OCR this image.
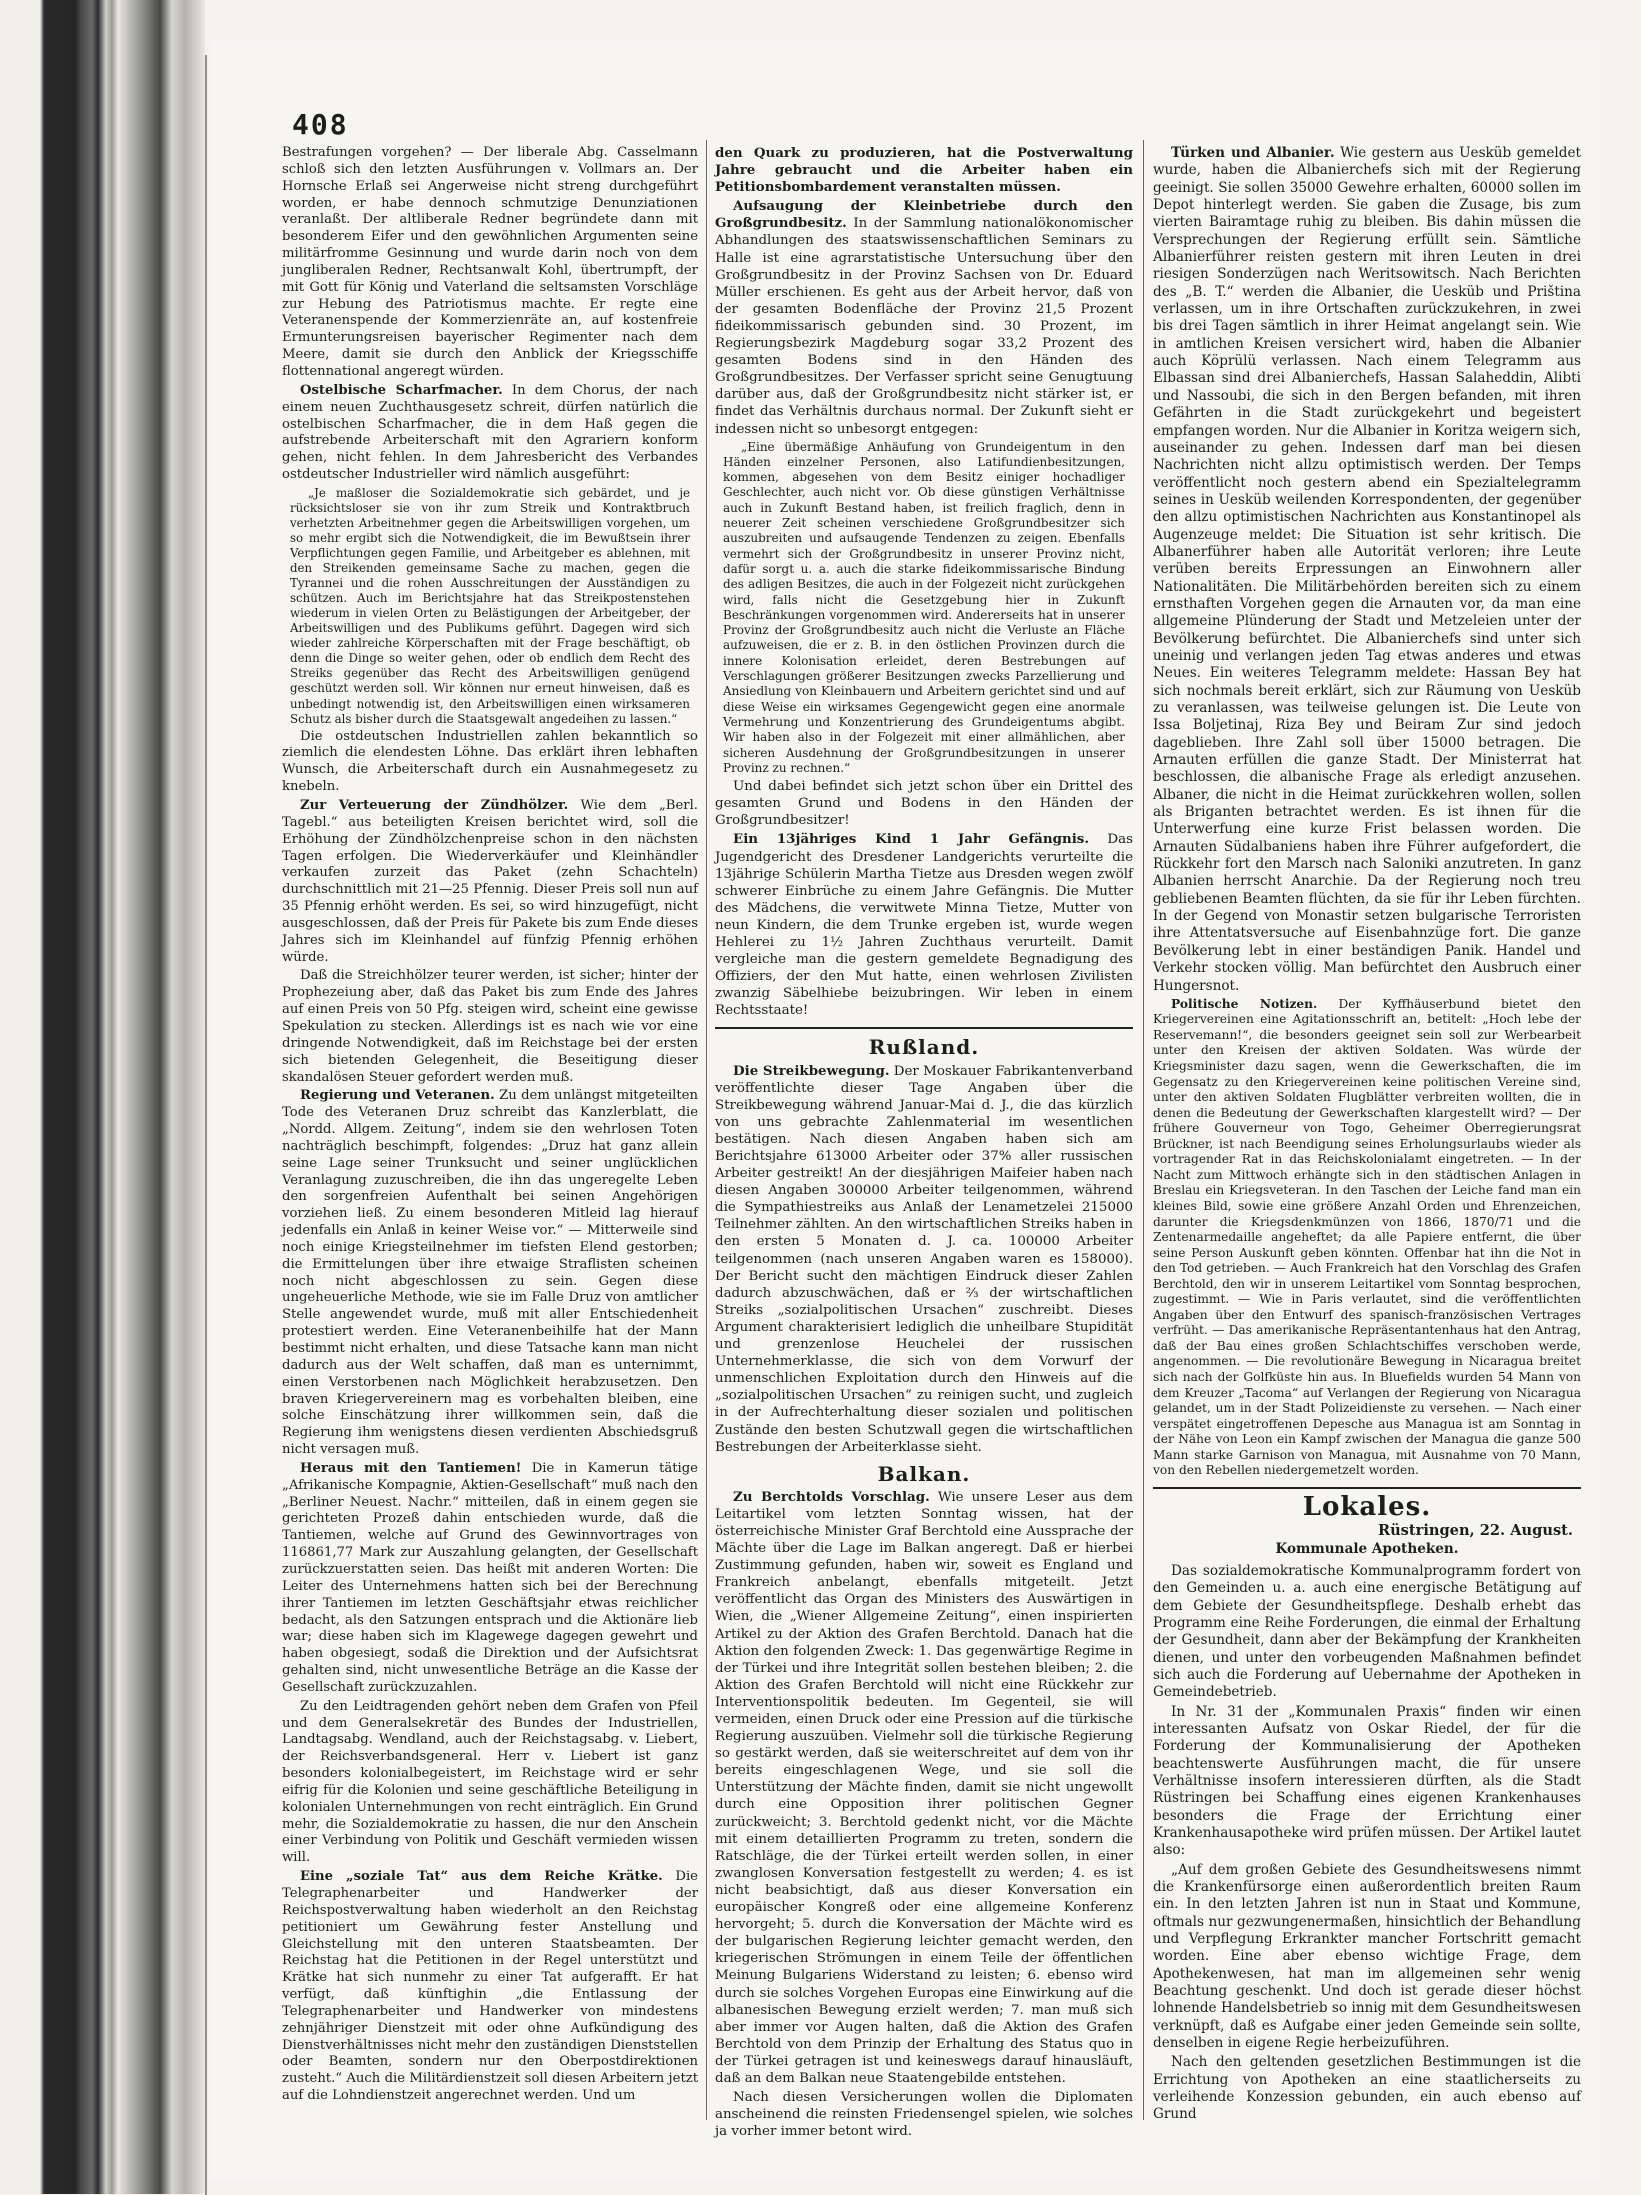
408

Bestrafungen vorgehen? — Der liberale Abg. Casselmann schloß sich den letzten Ausführungen v. Vollmars an. Der Hornsche Erlaß sei Angerweise nicht streng durchgeführt worden, er habe dennoch schmutzige Denunziationen veranlaßt. Der altliberale Redner begründete dann mit besonderem Eifer und den gewöhnlichen Argumenten seine militärfromme Gesinnung und wurde darin noch von dem jungliberalen Redner, Rechtsanwalt Kohl, übertrumpft, der mit Gott für König und Vaterland die seltsamsten Vorschläge zur Hebung des Patriotismus machte. Er regte eine Veteranenspende der Kommerzienräte an, auf kostenfreie Ermunterungsreisen bayerischer Regimenter nach dem Meere, damit sie durch den Anblick der Kriegsschiffe flottennational angeregt würden.

Ostelbische Scharfmacher. In dem Chorus, der nach einem neuen Zuchthausgesetz schreit, dürfen natürlich die ostelbischen Scharfmacher, die in dem Haß gegen die aufstrebende Arbeiterschaft mit den Agrariern konform gehen, nicht fehlen. In dem Jahresbericht des Verbandes ostdeutscher Industrieller wird nämlich ausgeführt:

„Je maßloser die Sozialdemokratie sich gebärdet, und je rücksichtsloser sie von ihr zum Streik und Kontraktbruch verhetzten Arbeitnehmer gegen die Arbeitswilligen vorgehen, um so mehr ergibt sich die Notwendigkeit, die im Bewußtsein ihrer Verpflichtungen gegen Familie, und Arbeitgeber es ablehnen, mit den Streikenden gemeinsame Sache zu machen, gegen die Tyrannei und die rohen Ausschreitungen der Ausständigen zu schützen. Auch im Berichtsjahre hat das Streikpostenstehen wiederum in vielen Orten zu Belästigungen der Arbeitgeber, der Arbeitswilligen und des Publikums geführt. Dagegen wird sich wieder zahlreiche Körperschaften mit der Frage beschäftigt, ob denn die Dinge so weiter gehen, oder ob endlich dem Recht des Streiks gegenüber das Recht des Arbeitswilligen genügend geschützt werden soll. Wir können nur erneut hinweisen, daß es unbedingt notwendig ist, den Arbeitswilligen einen wirksameren Schutz als bisher durch die Staatsgewalt angedeihen zu lassen.“

Die ostdeutschen Industriellen zahlen bekanntlich so ziemlich die elendesten Löhne. Das erklärt ihren lebhaften Wunsch, die Arbeiterschaft durch ein Ausnahmegesetz zu knebeln.

Zur Verteuerung der Zündhölzer. Wie dem „Berl. Tagebl.“ aus beteiligten Kreisen berichtet wird, soll die Erhöhung der Zündhölzchenpreise schon in den nächsten Tagen erfolgen. Die Wiederverkäufer und Kleinhändler verkaufen zurzeit das Paket (zehn Schachteln) durchschnittlich mit 21—25 Pfennig. Dieser Preis soll nun auf 35 Pfennig erhöht werden. Es sei, so wird hinzugefügt, nicht ausgeschlossen, daß der Preis für Pakete bis zum Ende dieses Jahres sich im Kleinhandel auf fünfzig Pfennig erhöhen würde.

Daß die Streichhölzer teurer werden, ist sicher; hinter der Prophezeiung aber, daß das Paket bis zum Ende des Jahres auf einen Preis von 50 Pfg. steigen wird, scheint eine gewisse Spekulation zu stecken. Allerdings ist es nach wie vor eine dringende Notwendigkeit, daß im Reichstage bei der ersten sich bietenden Gelegenheit, die Beseitigung dieser skandalösen Steuer gefordert werden muß.

Regierung und Veteranen. Zu dem unlängst mitgeteilten Tode des Veteranen Druz schreibt das Kanzlerblatt, die „Nordd. Allgem. Zeitung“, indem sie den wehrlosen Toten nachträglich beschimpft, folgendes: „Druz hat ganz allein seine Lage seiner Trunksucht und seiner unglücklichen Veranlagung zuzuschreiben, die ihn das ungeregelte Leben den sorgenfreien Aufenthalt bei seinen Angehörigen vorziehen ließ. Zu einem besonderen Mitleid lag hierauf jedenfalls ein Anlaß in keiner Weise vor.“ — Mitterweile sind noch einige Kriegsteilnehmer im tiefsten Elend gestorben; die Ermittelungen über ihre etwaige Straflisten scheinen noch nicht abgeschlossen zu sein. Gegen diese ungeheuerliche Methode, wie sie im Falle Druz von amtlicher Stelle angewendet wurde, muß mit aller Entschiedenheit protestiert werden. Eine Veteranenbeihilfe hat der Mann bestimmt nicht erhalten, und diese Tatsache kann man nicht dadurch aus der Welt schaffen, daß man es unternimmt, einen Verstorbenen nach Möglichkeit herabzusetzen. Den braven Kriegervereinern mag es vorbehalten bleiben, eine solche Einschätzung ihrer willkommen sein, daß die Regierung ihm wenigstens diesen verdienten Abschiedsgruß nicht versagen muß.

Heraus mit den Tantiemen! Die in Kamerun tätige „Afrikanische Kompagnie, Aktien-Gesellschaft“ muß nach den „Berliner Neuest. Nachr.“ mitteilen, daß in einem gegen sie gerichteten Prozeß dahin entschieden wurde, daß die Tantiemen, welche auf Grund des Gewinnvortrages von 116861,77 Mark zur Auszahlung gelangten, der Gesellschaft zurückzuerstatten seien. Das heißt mit anderen Worten: Die Leiter des Unternehmens hatten sich bei der Berechnung ihrer Tantiemen im letzten Geschäftsjahr etwas reichlicher bedacht, als den Satzungen entsprach und die Aktionäre lieb war; diese haben sich im Klagewege dagegen gewehrt und haben obgesiegt, sodaß die Direktion und der Aufsichtsrat gehalten sind, nicht unwesentliche Beträge an die Kasse der Gesellschaft zurückzuzahlen.

Zu den Leidtragenden gehört neben dem Grafen von Pfeil und dem Generalsekretär des Bundes der Industriellen, Landtagsabg. Wendland, auch der Reichstagsabg. v. Liebert, der Reichsverbandsgeneral. Herr v. Liebert ist ganz besonders kolonialbegeistert, im Reichstage wird er sehr eifrig für die Kolonien und seine geschäftliche Beteiligung in kolonialen Unternehmungen von recht einträglich. Ein Grund mehr, die Sozialdemokratie zu hassen, die nur den Anschein einer Verbindung von Politik und Geschäft vermieden wissen will.

Eine „soziale Tat“ aus dem Reiche Krätke. Die Telegraphenarbeiter und Handwerker der Reichspostverwaltung haben wiederholt an den Reichstag petitioniert um Gewährung fester Anstellung und Gleichstellung mit den unteren Staatsbeamten. Der Reichstag hat die Petitionen in der Regel unterstützt und Krätke hat sich nunmehr zu einer Tat aufgerafft. Er hat verfügt, daß künftighin „die Entlassung der Telegraphenarbeiter und Handwerker von mindestens zehnjähriger Dienstzeit mit oder ohne Aufkündigung des Dienstverhältnisses nicht mehr den zuständigen Dienststellen oder Beamten, sondern nur den Oberpostdirektionen zusteht.“ Auch die Militärdienstzeit soll diesen Arbeitern jetzt auf die Lohndienstzeit angerechnet werden. Und um

den Quark zu produzieren, hat die Postverwaltung Jahre gebraucht und die Arbeiter haben ein Petitionsbombardement veranstalten müssen.

Aufsaugung der Kleinbetriebe durch den Großgrundbesitz. In der Sammlung nationalökonomischer Abhandlungen des staatswissenschaftlichen Seminars zu Halle ist eine agrarstatistische Untersuchung über den Großgrundbesitz in der Provinz Sachsen von Dr. Eduard Müller erschienen. Es geht aus der Arbeit hervor, daß von der gesamten Bodenfläche der Provinz 21,5 Prozent fideikommissarisch gebunden sind. 30 Prozent, im Regierungsbezirk Magdeburg sogar 33,2 Prozent des gesamten Bodens sind in den Händen des Großgrundbesitzes. Der Verfasser spricht seine Genugtuung darüber aus, daß der Großgrundbesitz nicht stärker ist, er findet das Verhältnis durchaus normal. Der Zukunft sieht er indessen nicht so unbesorgt entgegen:

„Eine übermäßige Anhäufung von Grundeigentum in den Händen einzelner Personen, also Latifundienbesitzungen, kommen, abgesehen von dem Besitz einiger hochadliger Geschlechter, auch nicht vor. Ob diese günstigen Verhältnisse auch in Zukunft Bestand haben, ist freilich fraglich, denn in neuerer Zeit scheinen verschiedene Großgrundbesitzer sich auszubreiten und aufsaugende Tendenzen zu zeigen. Ebenfalls vermehrt sich der Großgrundbesitz in unserer Provinz nicht, dafür sorgt u. a. auch die starke fideikommissarische Bindung des adligen Besitzes, die auch in der Folgezeit nicht zurückgehen wird, falls nicht die Gesetzgebung hier in Zukunft Beschränkungen vorgenommen wird. Andererseits hat in unserer Provinz der Großgrundbesitz auch nicht die Verluste an Fläche aufzuweisen, die er z. B. in den östlichen Provinzen durch die innere Kolonisation erleidet, deren Bestrebungen auf Verschlagungen größerer Besitzungen zwecks Parzellierung und Ansiedlung von Kleinbauern und Arbeitern gerichtet sind und auf diese Weise ein wirksames Gegengewicht gegen eine anormale Vermehrung und Konzentrierung des Grundeigentums abgibt. Wir haben also in der Folgezeit mit einer allmählichen, aber sicheren Ausdehnung der Großgrundbesitzungen in unserer Provinz zu rechnen.“

Und dabei befindet sich jetzt schon über ein Drittel des gesamten Grund und Bodens in den Händen der Großgrundbesitzer!

Ein 13jähriges Kind 1 Jahr Gefängnis. Das Jugendgericht des Dresdener Landgerichts verurteilte die 13jährige Schülerin Martha Tietze aus Dresden wegen zwölf schwerer Einbrüche zu einem Jahre Gefängnis. Die Mutter des Mädchens, die verwitwete Minna Tietze, Mutter von neun Kindern, die dem Trunke ergeben ist, wurde wegen Hehlerei zu 1½ Jahren Zuchthaus verurteilt. Damit vergleiche man die gestern gemeldete Begnadigung des Offiziers, der den Mut hatte, einen wehrlosen Zivilisten zwanzig Säbelhiebe beizubringen. Wir leben in einem Rechtsstaate!

Rußland.

Die Streikbewegung. Der Moskauer Fabrikantenverband veröffentlichte dieser Tage Angaben über die Streikbewegung während Januar-Mai d. J., die das kürzlich von uns gebrachte Zahlenmaterial im wesentlichen bestätigen. Nach diesen Angaben haben sich am Berichtsjahre 613000 Arbeiter oder 37% aller russischen Arbeiter gestreikt! An der diesjährigen Maifeier haben nach diesen Angaben 300000 Arbeiter teilgenommen, während die Sympathiestreiks aus Anlaß der Lenametzelei 215000 Teilnehmer zählten. An den wirtschaftlichen Streiks haben in den ersten 5 Monaten d. J. ca. 100000 Arbeiter teilgenommen (nach unseren Angaben waren es 158000). Der Bericht sucht den mächtigen Eindruck dieser Zahlen dadurch abzuschwächen, daß er ⅔ der wirtschaftlichen Streiks „sozialpolitischen Ursachen“ zuschreibt. Dieses Argument charakterisiert lediglich die unheilbare Stupidität und grenzenlose Heuchelei der russischen Unternehmerklasse, die sich von dem Vorwurf der unmenschlichen Exploitation durch den Hinweis auf die „sozialpolitischen Ursachen“ zu reinigen sucht, und zugleich in der Aufrechterhaltung dieser sozialen und politischen Zustände den besten Schutzwall gegen die wirtschaftlichen Bestrebungen der Arbeiterklasse sieht.

Balkan.

Zu Berchtolds Vorschlag. Wie unsere Leser aus dem Leitartikel vom letzten Sonntag wissen, hat der österreichische Minister Graf Berchtold eine Aussprache der Mächte über die Lage im Balkan angeregt. Daß er hierbei Zustimmung gefunden, haben wir, soweit es England und Frankreich anbelangt, ebenfalls mitgeteilt. Jetzt veröffentlicht das Organ des Ministers des Auswärtigen in Wien, die „Wiener Allgemeine Zeitung“, einen inspirierten Artikel zu der Aktion des Grafen Berchtold. Danach hat die Aktion den folgenden Zweck: 1. Das gegenwärtige Regime in der Türkei und ihre Integrität sollen bestehen bleiben; 2. die Aktion des Grafen Berchtold will nicht eine Rückkehr zur Interventionspolitik bedeuten. Im Gegenteil, sie will vermeiden, einen Druck oder eine Pression auf die türkische Regierung auszuüben. Vielmehr soll die türkische Regierung so gestärkt werden, daß sie weiterschreitet auf dem von ihr bereits eingeschlagenen Wege, und sie soll die Unterstützung der Mächte finden, damit sie nicht ungewollt durch eine Opposition ihrer politischen Gegner zurückweicht; 3. Berchtold gedenkt nicht, vor die Mächte mit einem detaillierten Programm zu treten, sondern die Ratschläge, die der Türkei erteilt werden sollen, in einer zwanglosen Konversation festgestellt zu werden; 4. es ist nicht beabsichtigt, daß aus dieser Konversation ein europäischer Kongreß oder eine allgemeine Konferenz hervorgeht; 5. durch die Konversation der Mächte wird es der bulgarischen Regierung leichter gemacht werden, den kriegerischen Strömungen in einem Teile der öffentlichen Meinung Bulgariens Widerstand zu leisten; 6. ebenso wird durch sie solches Vorgehen Europas eine Einwirkung auf die albanesischen Bewegung erzielt werden; 7. man muß sich aber immer vor Augen halten, daß die Aktion des Grafen Berchtold von dem Prinzip der Erhaltung des Status quo in der Türkei getragen ist und keineswegs darauf hinausläuft, daß an dem Balkan neue Staatengebilde entstehen.

Nach diesen Versicherungen wollen die Diplomaten anscheinend die reinsten Friedensengel spielen, wie solches ja vorher immer betont wird.

Türken und Albanier. Wie gestern aus Uesküb gemeldet wurde, haben die Albanierchefs sich mit der Regierung geeinigt. Sie sollen 35000 Gewehre erhalten, 60000 sollen im Depot hinterlegt werden. Sie gaben die Zusage, bis zum vierten Bairamtage ruhig zu bleiben. Bis dahin müssen die Versprechungen der Regierung erfüllt sein. Sämtliche Albanierführer reisten gestern mit ihren Leuten in drei riesigen Sonderzügen nach Weritsowitsch. Nach Berichten des „B. T.“ werden die Albanier, die Uesküb und Priština verlassen, um in ihre Ortschaften zurückzukehren, in zwei bis drei Tagen sämtlich in ihrer Heimat angelangt sein. Wie in amtlichen Kreisen versichert wird, haben die Albanier auch Köprülü verlassen. Nach einem Telegramm aus Elbassan sind drei Albanierchefs, Hassan Salaheddin, Alibti und Nassoubi, die sich in den Bergen befanden, mit ihren Gefährten in die Stadt zurückgekehrt und begeistert empfangen worden. Nur die Albanier in Koritza weigern sich, auseinander zu gehen. Indessen darf man bei diesen Nachrichten nicht allzu optimistisch werden. Der Temps veröffentlicht noch gestern abend ein Spezialtelegramm seines in Uesküb weilenden Korrespondenten, der gegenüber den allzu optimistischen Nachrichten aus Konstantinopel als Augenzeuge meldet: Die Situation ist sehr kritisch. Die Albanerführer haben alle Autorität verloren; ihre Leute verüben bereits Erpressungen an Einwohnern aller Nationalitäten. Die Militärbehörden bereiten sich zu einem ernsthaften Vorgehen gegen die Arnauten vor, da man eine allgemeine Plünderung der Stadt und Metzeleien unter der Bevölkerung befürchtet. Die Albanierchefs sind unter sich uneinig und verlangen jeden Tag etwas anderes und etwas Neues. Ein weiteres Telegramm meldete: Hassan Bey hat sich nochmals bereit erklärt, sich zur Räumung von Uesküb zu veranlassen, was teilweise gelungen ist. Die Leute von Issa Boljetinaj, Riza Bey und Beiram Zur sind jedoch dageblieben. Ihre Zahl soll über 15000 betragen. Die Arnauten erfüllen die ganze Stadt. Der Ministerrat hat beschlossen, die albanische Frage als erledigt anzusehen. Albaner, die nicht in die Heimat zurückkehren wollen, sollen als Briganten betrachtet werden. Es ist ihnen für die Unterwerfung eine kurze Frist belassen worden. Die Arnauten Südalbaniens haben ihre Führer aufgefordert, die Rückkehr fort den Marsch nach Saloniki anzutreten. In ganz Albanien herrscht Anarchie. Da der Regierung noch treu gebliebenen Beamten flüchten, da sie für ihr Leben fürchten. In der Gegend von Monastir setzen bulgarische Terroristen ihre Attentatsversuche auf Eisenbahnzüge fort. Die ganze Bevölkerung lebt in einer beständigen Panik. Handel und Verkehr stocken völlig. Man befürchtet den Ausbruch einer Hungersnot.

Politische Notizen. Der Kyffhäuserbund bietet den Kriegervereinen eine Agitationsschrift an, betitelt: „Hoch lebe der Reservemann!“, die besonders geeignet sein soll zur Werbearbeit unter den Kreisen der aktiven Soldaten. Was würde der Kriegsminister dazu sagen, wenn die Gewerkschaften, die im Gegensatz zu den Kriegervereinen keine politischen Vereine sind, unter den aktiven Soldaten Flugblätter verbreiten wollten, die in denen die Bedeutung der Gewerkschaften klargestellt wird? — Der frühere Gouverneur von Togo, Geheimer Oberregierungsrat Brückner, ist nach Beendigung seines Erholungsurlaubs wieder als vortragender Rat in das Reichskolonialamt eingetreten. — In der Nacht zum Mittwoch erhängte sich in den städtischen Anlagen in Breslau ein Kriegsveteran. In den Taschen der Leiche fand man ein kleines Bild, sowie eine größere Anzahl Orden und Ehrenzeichen, darunter die Kriegsdenkmünzen von 1866, 1870/71 und die Zentenarmedaille angeheftet; da alle Papiere entfernt, die über seine Person Auskunft geben könnten. Offenbar hat ihn die Not in den Tod getrieben. — Auch Frankreich hat den Vorschlag des Grafen Berchtold, den wir in unserem Leitartikel vom Sonntag besprochen, zugestimmt. — Wie in Paris verlautet, sind die veröffentlichten Angaben über den Entwurf des spanisch-französischen Vertrages verfrüht. — Das amerikanische Repräsentantenhaus hat den Antrag, daß der Bau eines großen Schlachtschiffes verschoben werde, angenommen. — Die revolutionäre Bewegung in Nicaragua breitet sich nach der Golfküste hin aus. In Bluefields wurden 54 Mann von dem Kreuzer „Tacoma“ auf Verlangen der Regierung von Nicaragua gelandet, um in der Stadt Polizeidienste zu versehen. — Nach einer verspätet eingetroffenen Depesche aus Managua ist am Sonntag in der Nähe von Leon ein Kampf zwischen der Managua die ganze 500 Mann starke Garnison von Managua, mit Ausnahme von 70 Mann, von den Rebellen niedergemetzelt worden.

Lokales.
Rüstringen, 22. August.
Kommunale Apotheken.

Das sozialdemokratische Kommunalprogramm fordert von den Gemeinden u. a. auch eine energische Betätigung auf dem Gebiete der Gesundheitspflege. Deshalb erhebt das Programm eine Reihe Forderungen, die einmal der Erhaltung der Gesundheit, dann aber der Bekämpfung der Krankheiten dienen, und unter den vorbeugenden Maßnahmen befindet sich auch die Forderung auf Uebernahme der Apotheken in Gemeindebetrieb.

In Nr. 31 der „Kommunalen Praxis“ finden wir einen interessanten Aufsatz von Oskar Riedel, der für die Forderung der Kommunalisierung der Apotheken beachtenswerte Ausführungen macht, die für unsere Verhältnisse insofern interessieren dürften, als die Stadt Rüstringen bei Schaffung eines eigenen Krankenhauses besonders die Frage der Errichtung einer Krankenhausapotheke wird prüfen müssen. Der Artikel lautet also:

„Auf dem großen Gebiete des Gesundheitswesens nimmt die Krankenfürsorge einen außerordentlich breiten Raum ein. In den letzten Jahren ist nun in Staat und Kommune, oftmals nur gezwungenermaßen, hinsichtlich der Behandlung und Verpflegung Erkrankter mancher Fortschritt gemacht worden. Eine aber ebenso wichtige Frage, dem Apothekenwesen, hat man im allgemeinen sehr wenig Beachtung geschenkt. Und doch ist gerade dieser höchst lohnende Handelsbetrieb so innig mit dem Gesundheitswesen verknüpft, daß es Aufgabe einer jeden Gemeinde sein sollte, denselben in eigene Regie herbeizuführen.

Nach den geltenden gesetzlichen Bestimmungen ist die Errichtung von Apotheken an eine staatlicherseits zu verleihende Konzession gebunden, ein auch ebenso auf Grund
